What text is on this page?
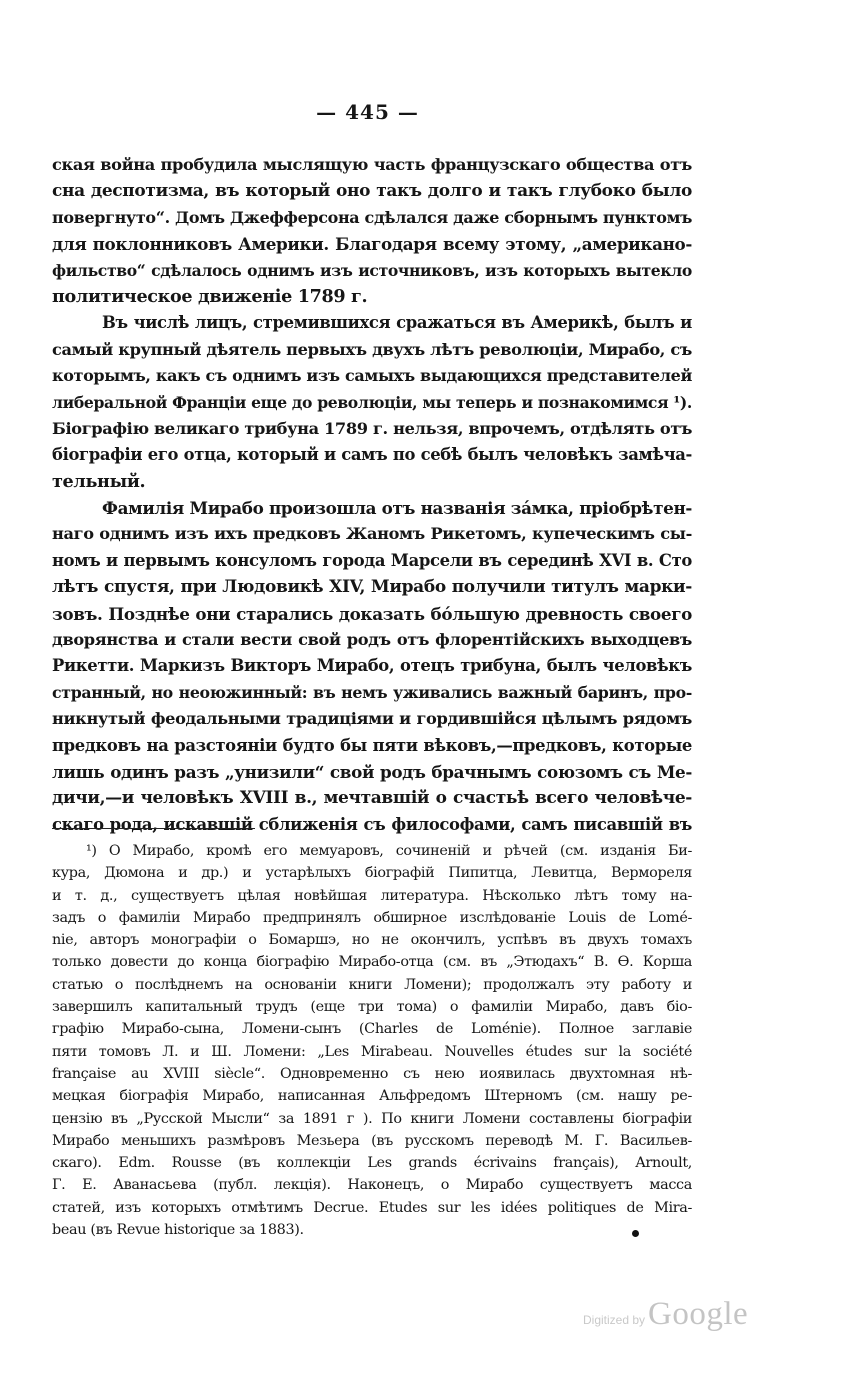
— 445 —
ская война пробудила мыслящую часть французскаго общества отъ
сна деспотизма, въ который оно такъ долго и такъ глубоко было
повергнуто“. Домъ Джефферсона сдѣлался даже сборнымъ пунктомъ
для поклонниковъ Америки. Благодаря всему этому, „американо-
фильство“ сдѣлалось однимъ изъ источниковъ, изъ которыхъ вытекло
политическое движеніе 1789 г.
Въ числѣ лицъ, стремившихся сражаться въ Америкѣ, былъ и
самый крупный дѣятель первыхъ двухъ лѣтъ революціи, Мирабо, съ
которымъ, какъ съ однимъ изъ самыхъ выдающихся представителей
либеральной Франціи еще до революціи, мы теперь и познакомимся ¹).
Біографію великаго трибуна 1789 г. нельзя, впрочемъ, отдѣлять отъ
біографіи его отца, который и самъ по себѣ былъ человѣкъ замѣча-
тельный.
Фамилія Мирабо произошла отъ названія зáмка, пріобрѣтен-
наго однимъ изъ ихъ предковъ Жаномъ Рикетомъ, купеческимъ сы-
номъ и первымъ консуломъ города Марсели въ серединѣ XVI в. Сто
лѣтъ спустя, при Людовикѣ XIV, Мирабо получили титулъ марки-
зовъ. Позднѣе они старались доказать бóльшую древность своего
дворянства и стали вести свой родъ отъ флорентійскихъ выходцевъ
Рикетти. Маркизъ Викторъ Мирабо, отецъ трибуна, былъ человѣкъ
странный, но неоюжинный: въ немъ уживались важный баринъ, про-
никнутый феодальными традиціями и гордившійся цѣлымъ рядомъ
предковъ на разстояніи будто бы пяти вѣковъ,—предковъ, которые
лишь одинъ разъ „унизили“ свой родъ брачнымъ союзомъ съ Ме-
дичи,—и человѣкъ XVIII в., мечтавшій о счастьѣ всего человѣче-
скаго рода, искавшій сближенія съ философами, самъ писавшій въ
¹) О Мирабо, кромѣ его мемуаровъ, сочиненій и рѣчей (см. изданія Би-
кура, Дюмона и др.) и устарѣлыхъ біографій Пипитца, Левитца, Вермореля
и т. д., существуетъ цѣлая новѣйшая литература. Нѣсколько лѣтъ тому на-
задъ о фамиліи Мирабо предпринялъ обширное изслѣдованіе Louis de Lomé-
nie, авторъ монографіи о Бомаршэ, но не окончилъ, успѣвъ въ двухъ томахъ
только довести до конца біографію Мирабо-отца (см. въ „Этюдахъ“ В. Ө. Корша
статью о послѣднемъ на основаніи книги Ломени); продолжалъ эту работу и
завершилъ капитальный трудъ (еще три тома) о фамиліи Мирабо, давъ біо-
графію Мирабо-сына, Ломени-сынъ (Charles de Loménie). Полное заглавіе
пяти томовъ Л. и Ш. Ломени: „Les Mirabeau. Nouvelles études sur la société
française au XVIII siècle“. Одновременно съ нею иоявилась двухтомная нѣ-
мецкая біографія Мирабо, написанная Альфредомъ Штерномъ (см. нашу ре-
цензію въ „Русской Мысли“ за 1891 г ). По книги Ломени составлены біографіи
Мирабо меньшихъ размѣровъ Мезьера (въ русскомъ переводѣ М. Г. Васильев-
скаго). Edm. Rousse (въ коллекціи Les grands écrivains français), Arnoult,
Г. Е. Аванасьева (публ. лекція). Наконецъ, о Мирабо существуетъ масса
статей, изъ которыхъ отмѣтимъ Decrue. Etudes sur les idées politiques de Mira-
beau (въ Revue historique за 1883).
Digitized by Google
